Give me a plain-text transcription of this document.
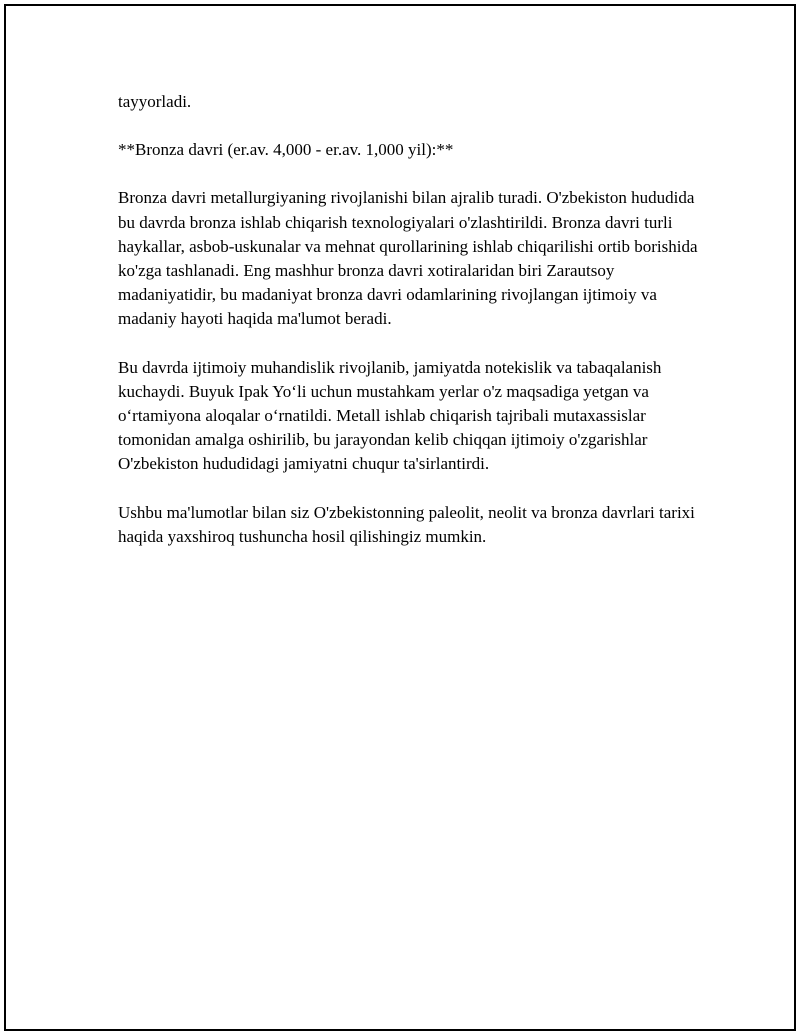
tayyorladi.

**Bronza davri (er.av. 4,000 - er.av. 1,000 yil):**

Bronza davri metallurgiyaning rivojlanishi bilan ajralib turadi. O'zbekiston hududida bu davrda bronza ishlab chiqarish texnologiyalari o'zlashtirildi. Bronza davri turli haykallar, asbob-uskunalar va mehnat qurollarining ishlab chiqarilishi ortib borishida ko'zga tashlanadi. Eng mashhur bronza davri xotiralaridan biri Zarautsoy madaniyatidir, bu madaniyat bronza davri odamlarining rivojlangan ijtimoiy va madaniy hayoti haqida ma'lumot beradi.

Bu davrda ijtimoiy muhandislik rivojlanib, jamiyatda notekislik va tabaqalanish kuchaydi. Buyuk Ipak Yo‘li uchun mustahkam yerlar o'z maqsadiga yetgan va o‘rtamiyona aloqalar o‘rnatildi. Metall ishlab chiqarish tajribali mutaxassislar tomonidan amalga oshirilib, bu jarayondan kelib chiqqan ijtimoiy o'zgarishlar O'zbekiston hududidagi jamiyatni chuqur ta'sirlantirdi.

Ushbu ma'lumotlar bilan siz O'zbekistonning paleolit, neolit va bronza davrlari tarixi haqida yaxshiroq tushuncha hosil qilishingiz mumkin.
